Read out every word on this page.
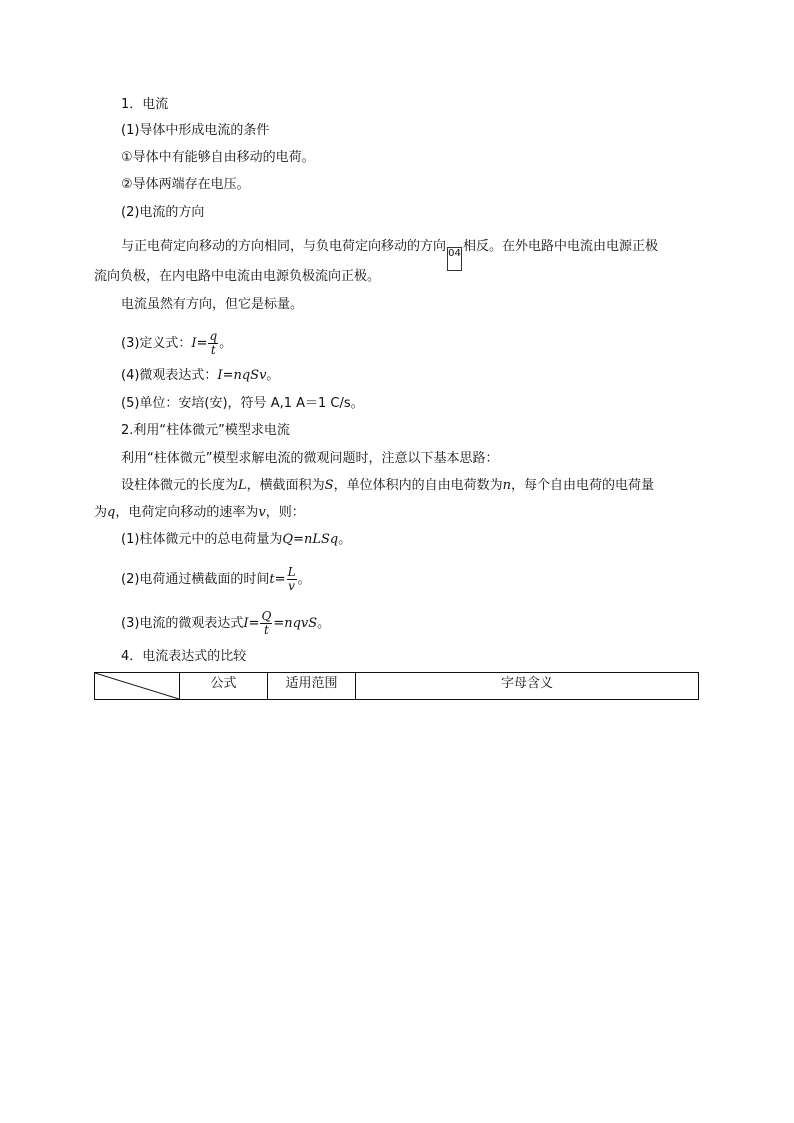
1．电流
(1)导体中形成电流的条件
①导体中有能够自由移动的电荷。
②导体两端存在电压。
(2)电流的方向
与正电荷定向移动的方向相同，与负电荷定向移动的方向 04 相反。在外电路中电流由电源正极
流向负极，在内电路中电流由电源负极流向正极。
电流虽然有方向，但它是标量。
(3)定义式：$I= \frac{q}{t}$ 。
(4)微观表达式：I=nqSv。
(5)单位：安培(安)，符号 A,1 A＝1 C/s。
2.利用“柱体微元”模型求电流
利用“柱体微元”模型求解电流的微观问题时，注意以下基本思路：
设柱体微元的长度为L，横截面积为S，单位体积内的自由电荷数为n，每个自由电荷的电荷量
为q，电荷定向移动的速率为v，则：
(1)柱体微元中的总电荷量为Q=nLSq。
(2)电荷通过横截面的时间$t= \frac{L}{v}$ 。
(3)电流的微观表达式$I= \frac{Q}{t}$ =nqvS。
4．电流表达式的比较
公式	适用范围	字母含义
